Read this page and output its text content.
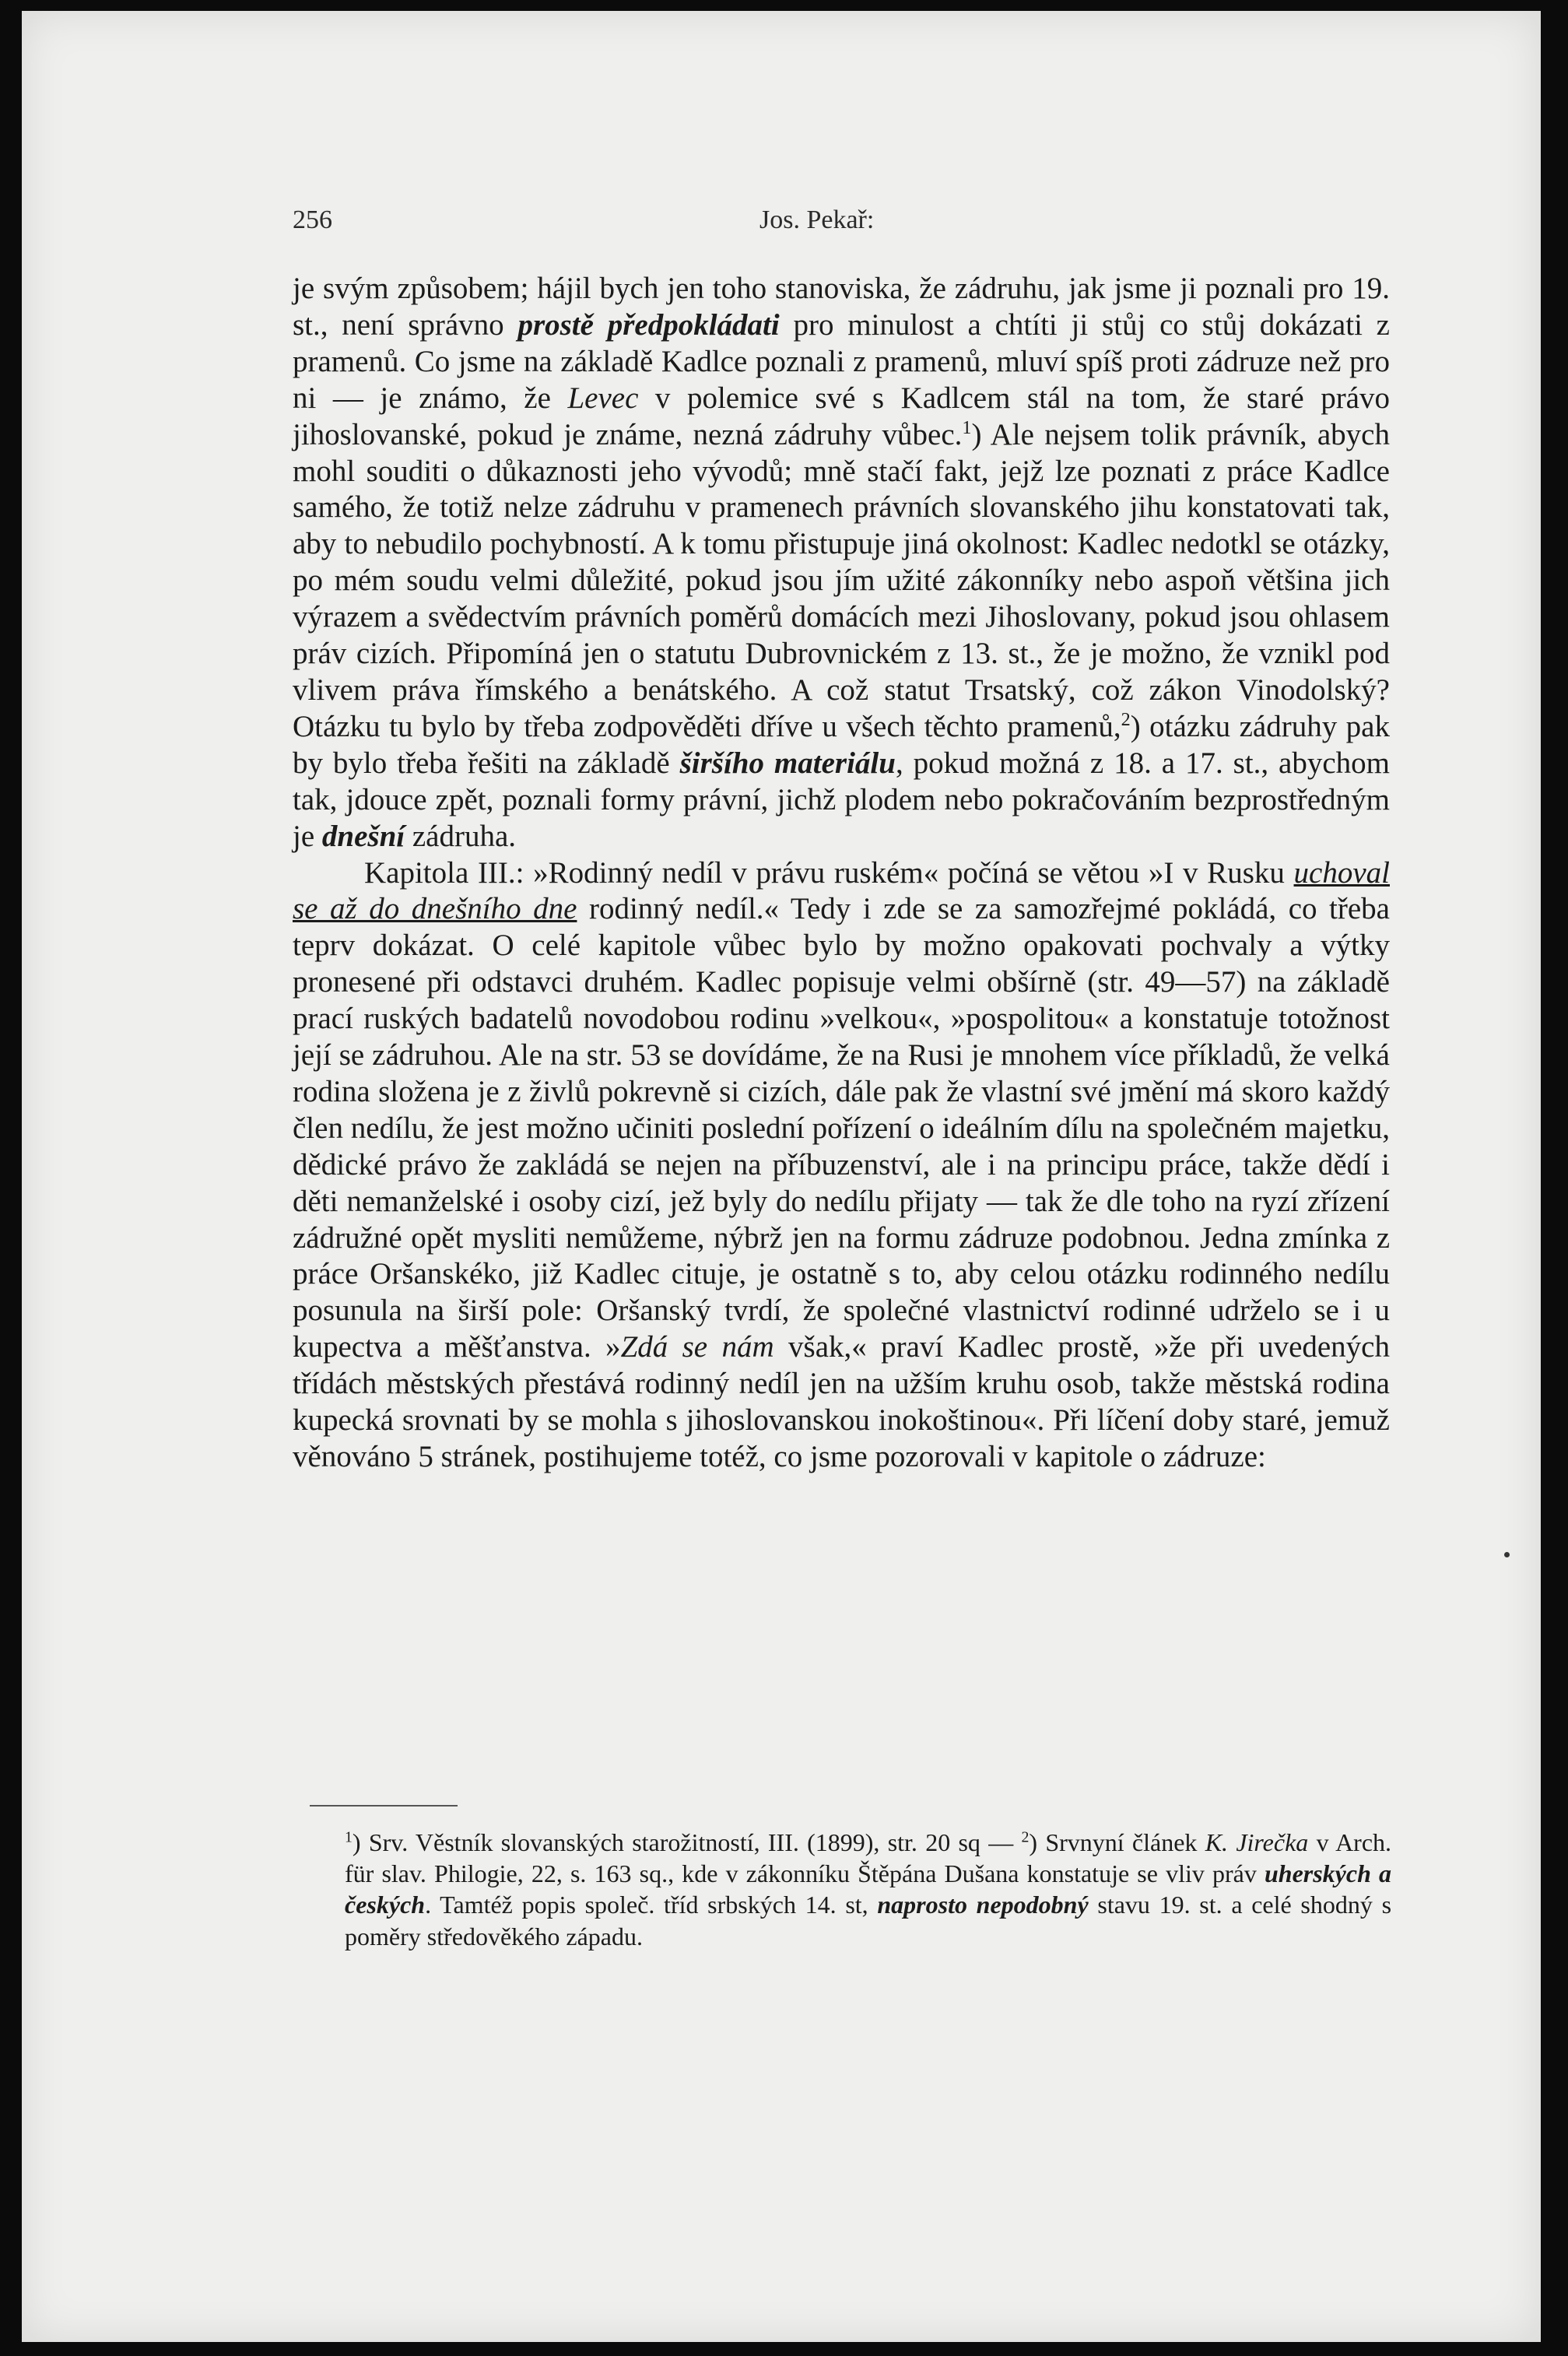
256	Jos. Pekař:

je svým způsobem; hájil bych jen toho stanoviska, že zádruhu, jak jsme ji poznali pro 19. st., není správno prostě předpokládati pro minulost a chtíti ji stůj co stůj dokázati z pramenů. Co jsme na základě Kadlce poznali z pramenů, mluví spíš proti zádruze než pro ni — je známo, že Levec v polemice své s Kadlcem stál na tom, že staré právo jihoslovanské, pokud je známe, nezná zádruhy vůbec.$^1$) Ale nejsem tolik právník, abych mohl souditi o důkaznosti jeho vývodů; mně stačí fakt, jejž lze poznati z práce Kadlce samého, že totiž nelze zádruhu v pramenech právních slovanského jihu konstatovati tak, aby to nebudilo pochybností. A k tomu přistupuje jiná okolnost: Kadlec nedotkl se otázky, po mém soudu velmi důležité, pokud jsou jím užité zákonníky nebo aspoň většina jich výrazem a svědectvím právních poměrů domácích mezi Jihoslovany, pokud jsou ohlasem práv cizích. Připomíná jen o statutu Dubrovnickém z 13. st., že je možno, že vznikl pod vlivem práva římského a benátského. A což statut Trsatský, což zákon Vinodolský? Otázku tu bylo by třeba zodpověděti dříve u všech těchto pramenů,$^2$) otázku zádruhy pak by bylo třeba řešiti na základě širšího materiálu, pokud možná z 18. a 17. st., abychom tak, jdouce zpět, poznali formy právní, jichž plodem nebo pokračováním bezprostředným je dnešní zádruha.

Kapitola III.: »Rodinný nedíl v právu ruském« počíná se větou »I v Rusku uchoval se až do dnešního dne rodinný nedíl.« Tedy i zde se za samozřejmé pokládá, co třeba teprv dokázat. O celé kapitole vůbec bylo by možno opakovati pochvaly a výtky pronesené při odstavci druhém. Kadlec popisuje velmi obšírně (str. 49—57) na základě prací ruských badatelů novodobou rodinu »velkou«, »pospolitou« a konstatuje totožnost její se zádruhou. Ale na str. 53 se dovídáme, že na Rusi je mnohem více příkladů, že velká rodina složena je z živlů pokrevně si cizích, dále pak že vlastní své jmění má skoro každý člen nedílu, že jest možno učiniti poslední pořízení o ideálním dílu na společném majetku, dědické právo že zakládá se nejen na příbuzenství, ale i na principu práce, takže dědí i děti nemanželské i osoby cizí, jež byly do nedílu přijaty — tak že dle toho na ryzí zřízení zádružné opět mysliti nemůžeme, nýbrž jen na formu zádruze podobnou. Jedna zmínka z práce Oršanskéko, již Kadlec cituje, je ostatně s to, aby celou otázku rodinného nedílu posunula na širší pole: Oršanský tvrdí, že společné vlastnictví rodinné udrželo se i u kupectva a měšťanstva. »Zdá se nám však,« praví Kadlec prostě, »že při uvedených třídách městských přestává rodinný nedíl jen na užším kruhu osob, takže městská rodina kupecká srovnati by se mohla s jihoslovanskou inokoštinou«. Při líčení doby staré, jemuž věnováno 5 stránek, postihujeme totéž, co jsme pozorovali v kapitole o zádruze:

$^1$) Srv. Věstník slovanských starožitností, III. (1899), str. 20 sq — $^2$) Srvnyní článek K. Jirečka v Arch. für slav. Philogie, 22, s. 163 sq., kde v zákonníku Štěpána Dušana konstatuje se vliv práv uherských a českých. Tamtéž popis společ. tříd srbských 14. st, naprosto nepodobný stavu 19. st. a celé shodný s poměry středověkého západu.
